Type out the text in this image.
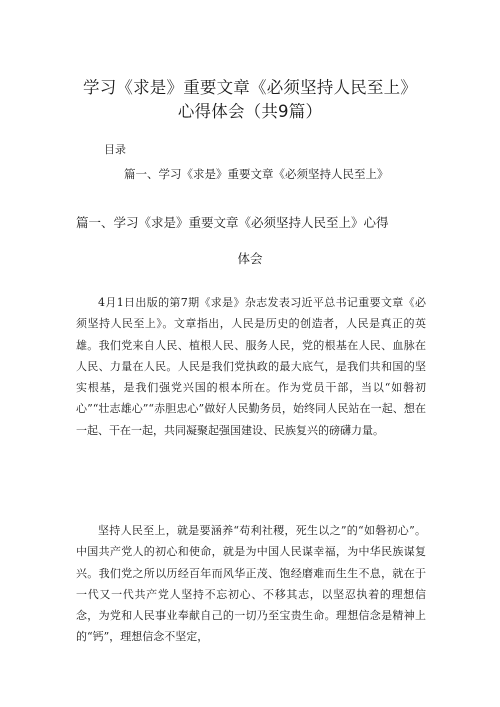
学习《求是》重要文章《必须坚持人民至上》
心得体会（共9篇）
目录
篇一、学习《求是》重要文章《必须坚持人民至上》
篇一、学习《求是》重要文章《必须坚持人民至上》心得
体会

4月1日出版的第7期《求是》杂志发表习近平总书记重要文章《必须坚持人民至上》。文章指出，人民是历史的创造者，人民是真正的英雄。我们党来自人民、植根人民、服务人民，党的根基在人民、血脉在人民、力量在人民。人民是我们党执政的最大底气，是我们共和国的坚实根基，是我们强党兴国的根本所在。作为党员干部，当以“如磐初心”“壮志雄心”“赤胆忠心”做好人民勤务员，始终同人民站在一起、想在一起、干在一起，共同凝聚起强国建设、民族复兴的磅礴力量。

坚持人民至上，就是要涵养“苟利社稷，死生以之”的“如磐初心”。中国共产党人的初心和使命，就是为中国人民谋幸福，为中华民族谋复兴。我们党之所以历经百年而风华正茂、饱经磨难而生生不息，就在于一代又一代共产党人坚持不忘初心、不移其志，以坚忍执着的理想信念，为党和人民事业奉献自己的一切乃至宝贵生命。理想信念是精神上的“钙”，理想信念不坚定，
